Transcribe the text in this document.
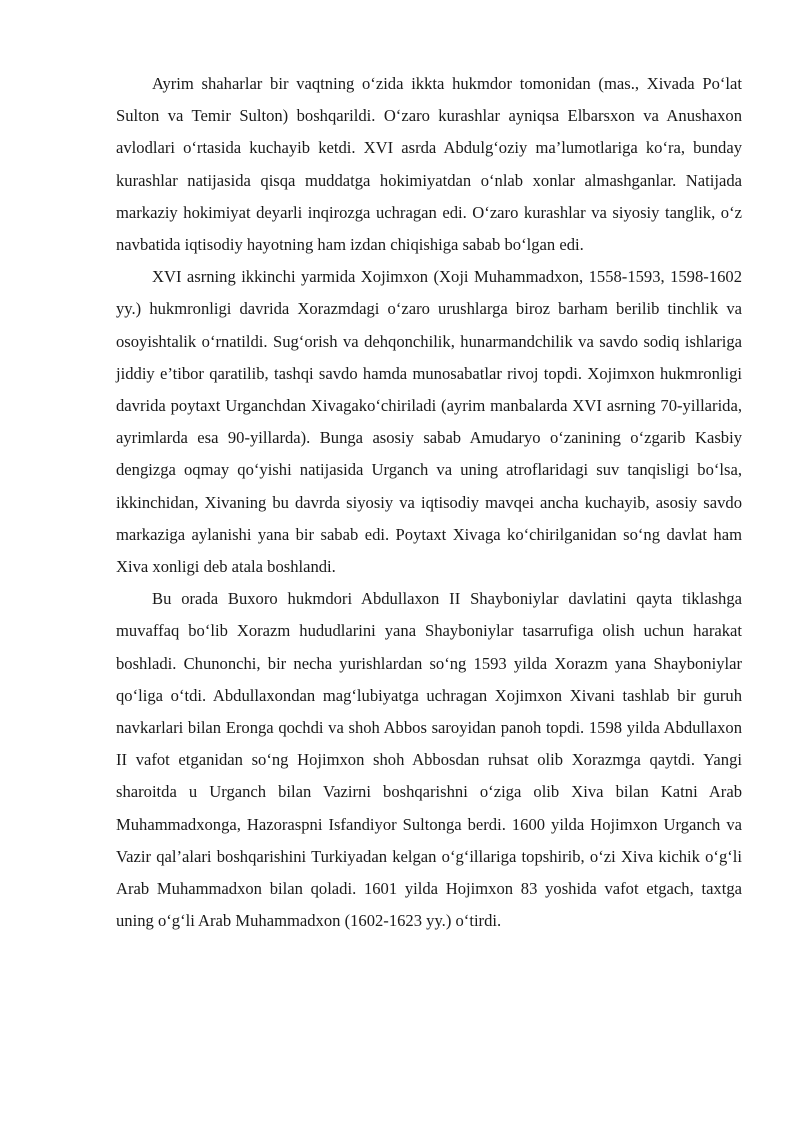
Ayrim shaharlar bir vaqtning o‘zida ikkta hukmdor tomonidan (mas., Xivada Po‘lat Sulton va Temir Sulton) boshqarildi. O‘zaro kurashlar ayniqsa Elbarsxon va Anushaxon avlodlari o‘rtasida kuchayib ketdi. XVI asrda Abdulg‘oziy ma’lumotlariga ko‘ra, bunday kurashlar natijasida qisqa muddatga hokimiyatdan o‘nlab xonlar almashganlar. Natijada markaziy hokimiyat deyarli inqirozga uchragan edi. O‘zaro kurashlar va siyosiy tanglik, o‘z navbatida iqtisodiy hayotning ham izdan chiqishiga sabab bo‘lgan edi.

XVI asrning ikkinchi yarmida Xojimxon (Xoji Muhammadxon, 1558-1593, 1598-1602 yy.) hukmronligi davrida Xorazmdagi o‘zaro urushlarga biroz barham berilib tinchlik va osoyishtalik o‘rnatildi. Sug‘orish va dehqonchilik, hunarmandchilik va savdo sodiq ishlariga jiddiy e’tibor qaratilib, tashqi savdo hamda munosabatlar rivoj topdi. Xojimxon hukmronligi davrida poytaxt Urganchdan Xivagako‘chiriladi (ayrim manbalarda XVI asrning 70-yillarida, ayrimlarda esa 90-yillarda). Bunga asosiy sabab Amudaryo o‘zanining o‘zgarib Kasbiy dengizga oqmay qo‘yishi natijasida Urganch va uning atroflaridagi suv tanqisligi bo‘lsa, ikkinchidan, Xivaning bu davrda siyosiy va iqtisodiy mavqei ancha kuchayib, asosiy savdo markaziga aylanishi yana bir sabab edi. Poytaxt Xivaga ko‘chirilganidan so‘ng davlat ham Xiva xonligi deb atala boshlandi.

Bu orada Buxoro hukmdori Abdullaxon II Shayboniylar davlatini qayta tiklashga muvaffaq bo‘lib Xorazm hududlarini yana Shayboniylar tasarrufiga olish uchun harakat boshladi. Chunonchi, bir necha yurishlardan so‘ng 1593 yilda Xorazm yana Shayboniylar qo‘liga o‘tdi. Abdullaxondan mag‘lubiyatga uchragan Xojimxon Xivani tashlab bir guruh navkarlari bilan Eronga qochdi va shoh Abbos saroyidan panoh topdi. 1598 yilda Abdullaxon II vafot etganidan so‘ng Hojimxon shoh Abbosdan ruhsat olib Xorazmga qaytdi. Yangi sharoitda u Urganch bilan Vazirni boshqarishni o‘ziga olib Xiva bilan Katni Arab Muhammadxonga, Hazoraspni Isfandiyor Sultonga berdi. 1600 yilda Hojimxon Urganch va Vazir qal’alari boshqarishini Turkiyadan kelgan o‘g‘illariga topshirib, o‘zi Xiva kichik o‘g‘li Arab Muhammadxon bilan qoladi. 1601 yilda Hojimxon 83 yoshida vafot etgach, taxtga uning o‘g‘li Arab Muhammadxon (1602-1623 yy.) o‘tirdi.
